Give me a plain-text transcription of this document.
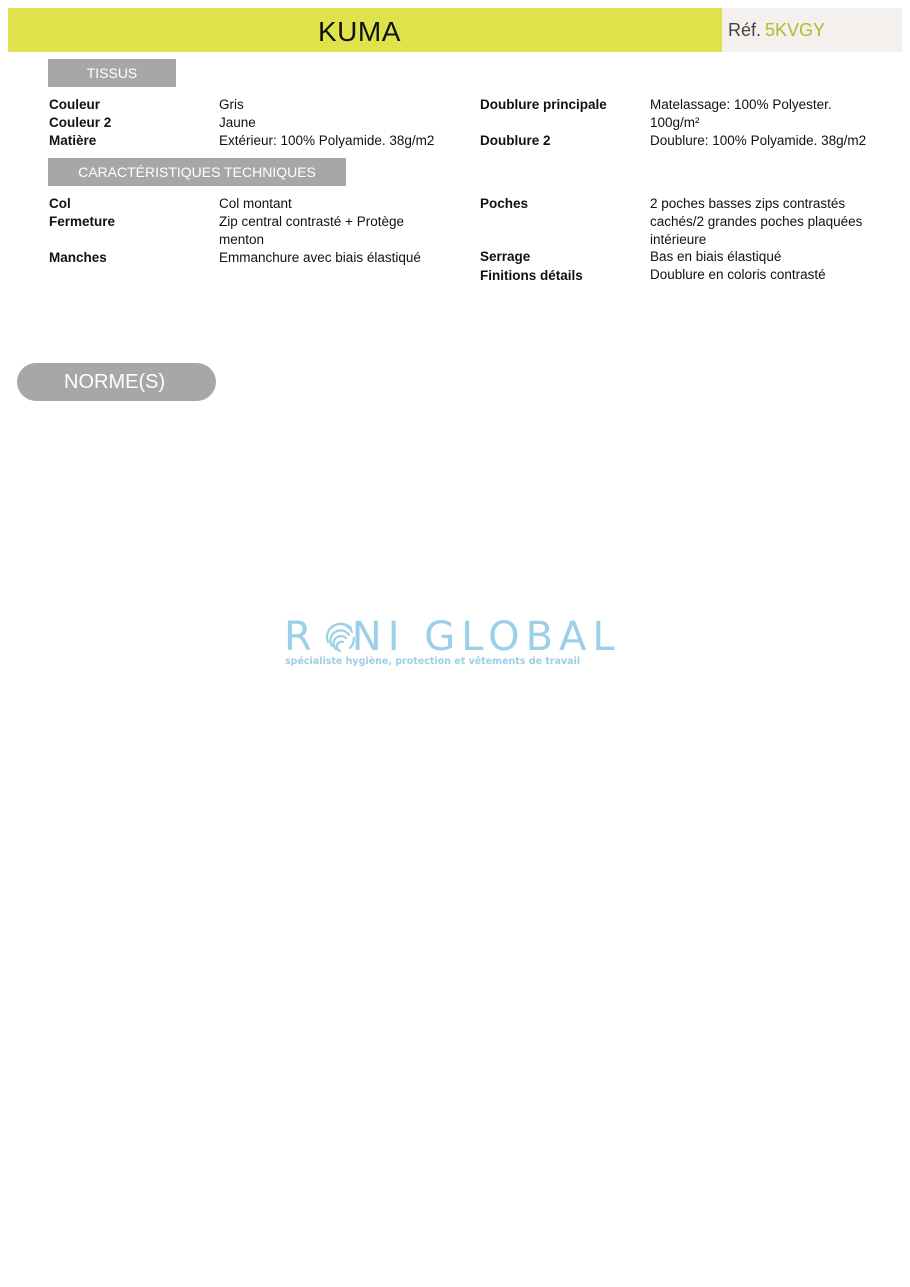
KUMA	Réf. 5KVGY
TISSUS
Couleur	Gris
Couleur 2	Jaune
Matière	Extérieur: 100% Polyamide. 38g/m2
Doublure principale	Matelassage: 100% Polyester. 100g/m²
Doublure 2	Doublure: 100% Polyamide. 38g/m2
CARACTÉRISTIQUES TECHNIQUES
Col	Col montant
Fermeture	Zip central contrasté + Protège menton
Manches	Emmanchure avec biais élastiqué
Poches	2 poches basses zips contrastés cachés/2 grandes poches plaquées intérieure
Serrage	Bas en biais élastiqué
Finitions détails	Doublure en coloris contrasté
NORME(S)
R NI GLOBAL
spécialiste hygiène, protection et vêtements de travail
